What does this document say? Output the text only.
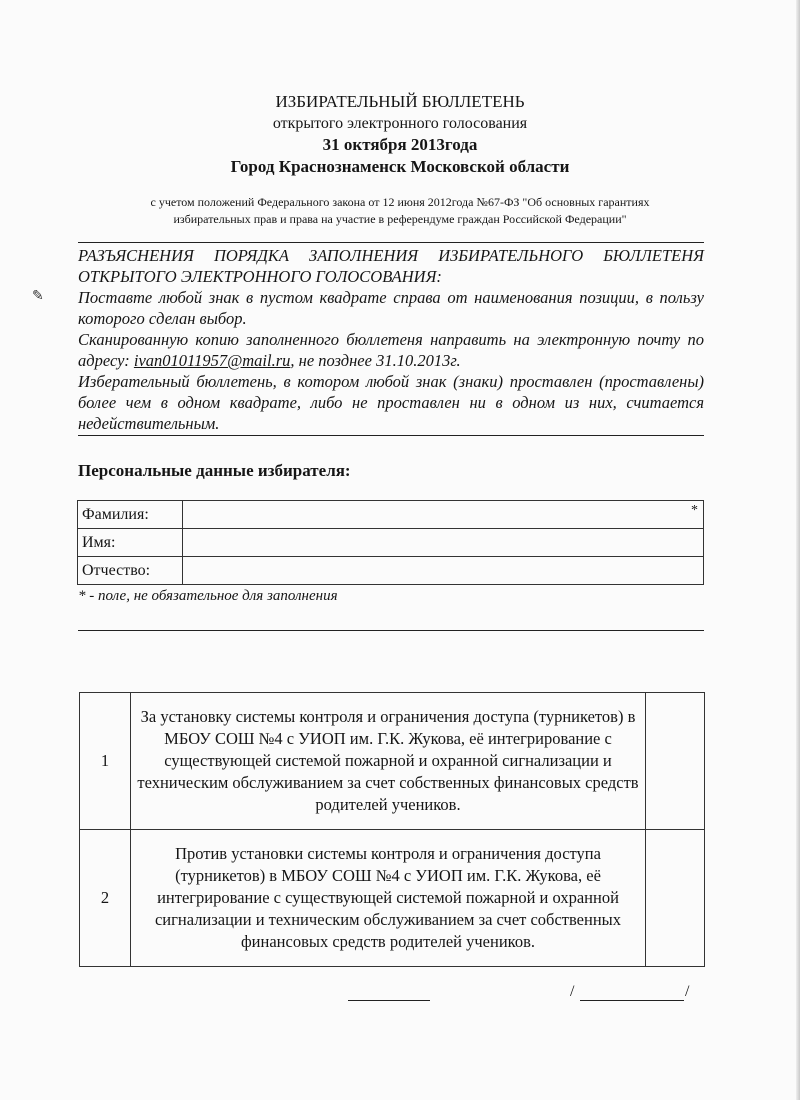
ИЗБИРАТЕЛЬНЫЙ БЮЛЛЕТЕНЬ
открытого электронного голосования
31 октября 2013года
Город Краснознаменск Московской области
с учетом положений Федерального закона от 12 июня 2012года №67-ФЗ "Об основных гарантиях
избирательных прав и права на участие в референдуме граждан Российской Федерации"
✎

РАЗЪЯСНЕНИЯ ПОРЯДКА ЗАПОЛНЕНИЯ ИЗБИРАТЕЛЬНОГО БЮЛЛЕТЕНЯ ОТКРЫТОГО ЭЛЕКТРОННОГО ГОЛОСОВАНИЯ:

Поставте любой знак в пустом квадрате справа от наименования позиции, в пользу которого сделан выбор.

Сканированную копию заполненного бюллетеня направить на электронную почту по адресу: ivan01011957@mail.ru, не позднее 31.10.2013г.

Изберательный бюллетень, в котором любой знак (знаки) проставлен (проставлены) более чем в одном квадрате, либо не проставлен ни в одном из них, считается недействительным.

Персональные данные избирателя:
Фамилия:	*

Имя:	
Отчество:	
* - поле, не обязательное для заполнения
1	За установку системы контроля и ограничения доступа (турникетов) в МБОУ СОШ №4 с УИОП им. Г.К. Жукова, её интегрирование с существующей системой пожарной и охранной сигнализации и техническим обслуживанием за счет собственных финансовых средств родителей учеников.	
2	Против установки системы контроля и ограничения доступа (турникетов) в МБОУ СОШ №4 с УИОП им. Г.К. Жукова, её интегрирование с существующей системой пожарной и охранной сигнализации и техническим обслуживанием за счет собственных финансовых средств родителей учеников.	
/	/
